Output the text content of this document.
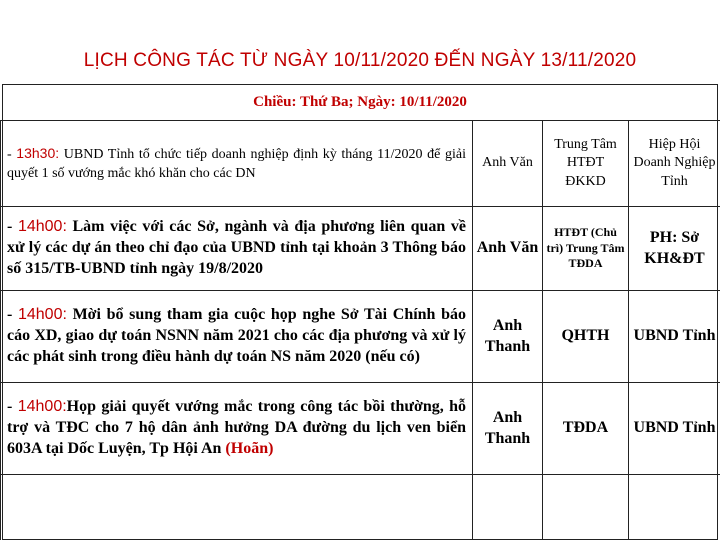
LỊCH CÔNG TÁC TỪ NGÀY 10/11/2020 ĐẾN NGÀY 13/11/2020
Chiều: Thứ Ba; Ngày: 10/11/2020
- 13h30: UBND Tỉnh tổ chức tiếp doanh nghiệp định kỳ tháng 11/2020 để giải quyết 1 số vướng mắc khó khăn cho các DN	Anh Văn	Trung Tâm HTĐT ĐKKD	Hiệp Hội Doanh Nghiệp Tỉnh
- 14h00: Làm việc với các Sở, ngành và địa phương liên quan về xử lý các dự án theo chỉ đạo của UBND tỉnh tại khoản 3 Thông báo số 315/TB-UBND tỉnh ngày 19/8/2020	Anh Văn	HTĐT (Chủ trì) Trung Tâm TĐDA	PH: Sở KH&ĐT
- 14h00: Mời bổ sung tham gia cuộc họp nghe Sở Tài Chính báo cáo XD, giao dự toán NSNN năm 2021 cho các địa phương và xử lý các phát sinh trong điều hành dự toán NS năm 2020 (nếu có)	Anh Thanh	QHTH	UBND Tỉnh
- 14h00:Họp giải quyết vướng mắc trong công tác bồi thường, hỗ trợ và TĐC cho 7 hộ dân ảnh hưởng DA đường du lịch ven biển 603A tại Dốc Luyện, Tp Hội An (Hoãn)	Anh Thanh	TĐDA	UBND Tỉnh
